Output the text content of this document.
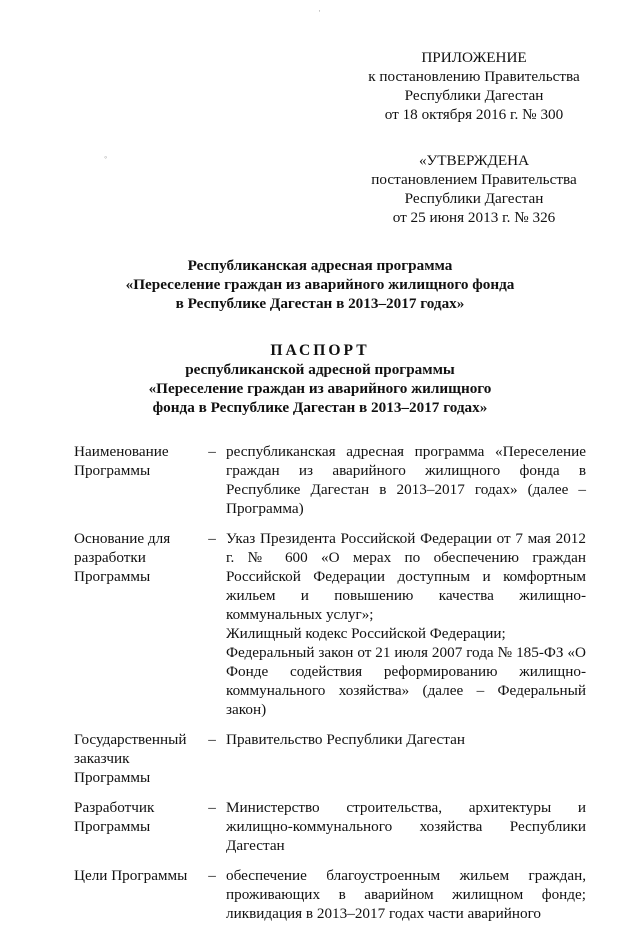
ПРИЛОЖЕНИЕ
к постановлению Правительства
Республики Дагестан
от 18 октября 2016 г. № 300
◦
·
«УТВЕРЖДЕНА
постановлением Правительства
Республики Дагестан
от 25 июня 2013 г. № 326
Республиканская адресная программа
«Переселение граждан из аварийного жилищного фонда
в Республике Дагестан в 2013–2017 годах»
ПАСПОРТ
республиканской адресной программы
«Переселение граждан из аварийного жилищного
фонда в Республике Дагестан в 2013–2017 годах»
Наименование Программы
– республиканская адресная программа «Переселение граждан из аварийного жилищного фонда в Республике Дагестан в 2013–2017 годах» (далее – Программа)

Основание для разработки Программы
– Указ Президента Российской Федерации от 7 мая 2012 г. № 600 «О мерах по обеспечению граждан Российской Федерации доступным и комфортным жильем и повышению качества жилищно-коммунальных услуг»;

Жилищный кодекс Российской Федерации;

Федеральный закон от 21 июля 2007 года № 185-ФЗ «О Фонде содействия реформированию жилищно-коммунального хозяйства» (далее – Федеральный закон)

Государственный заказчик Программы
– Правительство Республики Дагестан

Разработчик Программы
– Министерство строительства, архитектуры и жилищно-коммунального хозяйства Республики Дагестан

Цели Программы	– обеспечение благоустроенным жильем граждан, проживающих в аварийном жилищном фонде; ликвидация в 2013–2017 годах части аварийного
